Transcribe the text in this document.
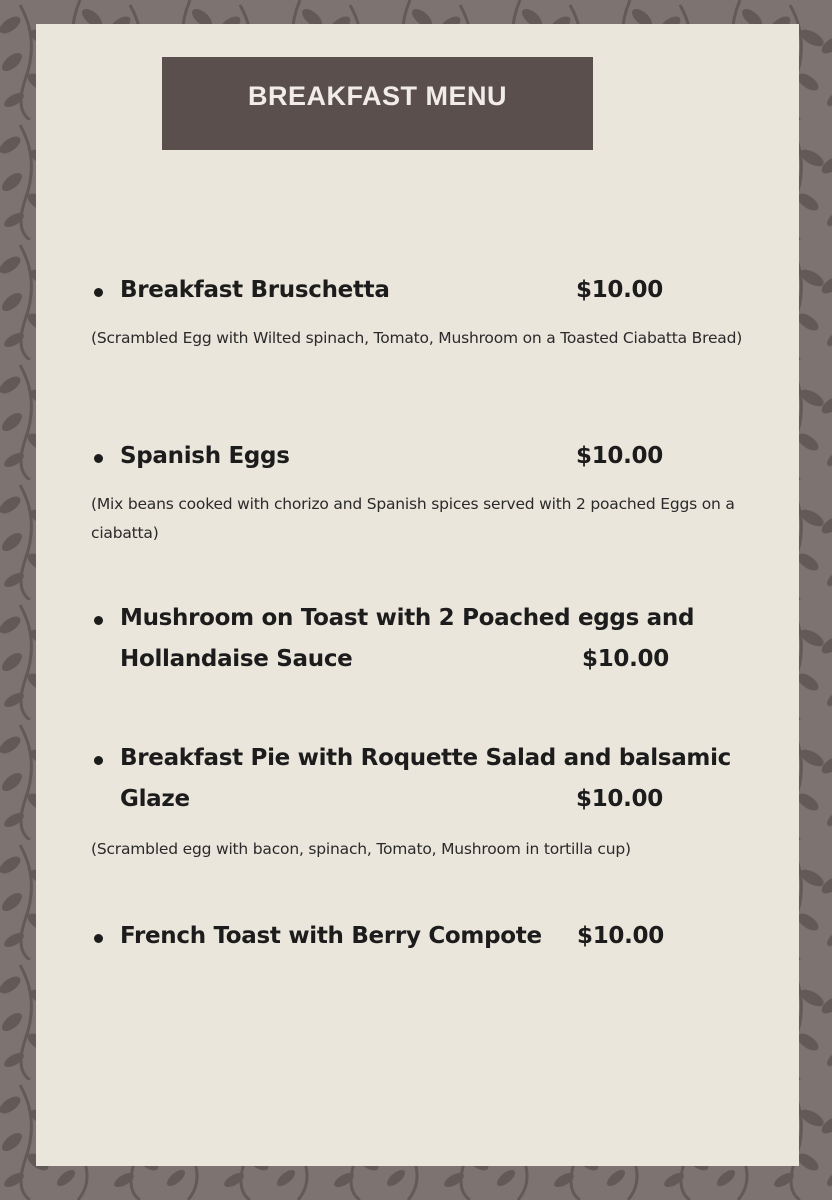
BREAKFAST MENU
Breakfast Bruschetta	$10.00
(Scrambled Egg with Wilted spinach, Tomato, Mushroom on a Toasted Ciabatta Bread)
Spanish Eggs	$10.00
(Mix beans cooked with chorizo and Spanish spices served with 2 poached Eggs on a ciabatta)
Mushroom on Toast with 2 Poached eggs and
Hollandaise Sauce	$10.00
Breakfast Pie with Roquette Salad and balsamic
Glaze	$10.00
(Scrambled egg with bacon, spinach, Tomato, Mushroom in tortilla cup)
French Toast with Berry Compote $10.00
